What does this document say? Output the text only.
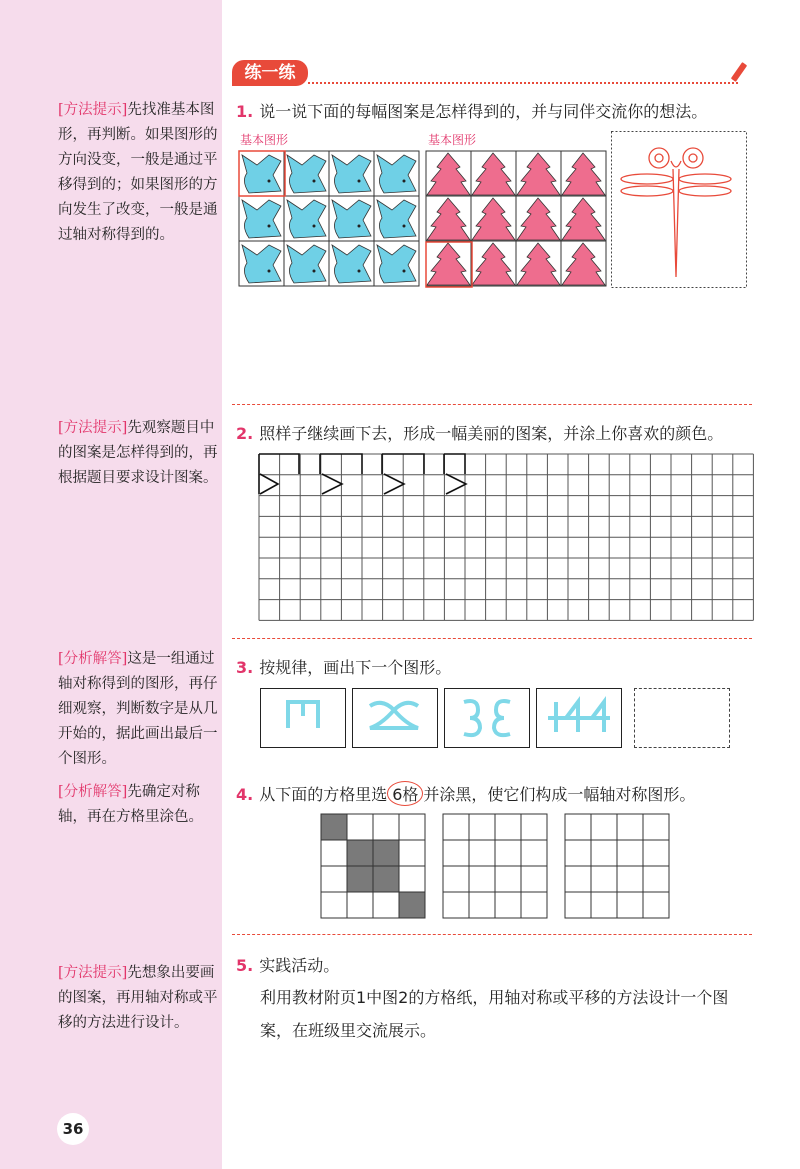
[方法提示]先找准基本图形，再判断。如果图形的方向没变，一般是通过平移得到的；如果图形的方向发生了改变，一般是通过轴对称得到的。
[方法提示]先观察题目中的图案是怎样得到的，再根据题目要求设计图案。
[分析解答]这是一组通过轴对称得到的图形，再仔细观察，判断数字是从几开始的，据此画出最后一个图形。
[分析解答]先确定对称轴，再在方格里涂色。
[方法提示]先想象出要画的图案，再用轴对称或平移的方法进行设计。
36
练一练
1. 说一说下面的每幅图案是怎样得到的，并与同伴交流你的想法。
基本图形	基本图形
2. 照样子继续画下去，形成一幅美丽的图案，并涂上你喜欢的颜色。
3. 按规律，画出下一个图形。
1	2	3	4
4. 从下面的方格里选 6格 并涂黑，使它们构成一幅轴对称图形。
5. 实践活动。
利用教材附页1中图2的方格纸，用轴对称或平移的方法设计一个图案，在班级里交流展示。
